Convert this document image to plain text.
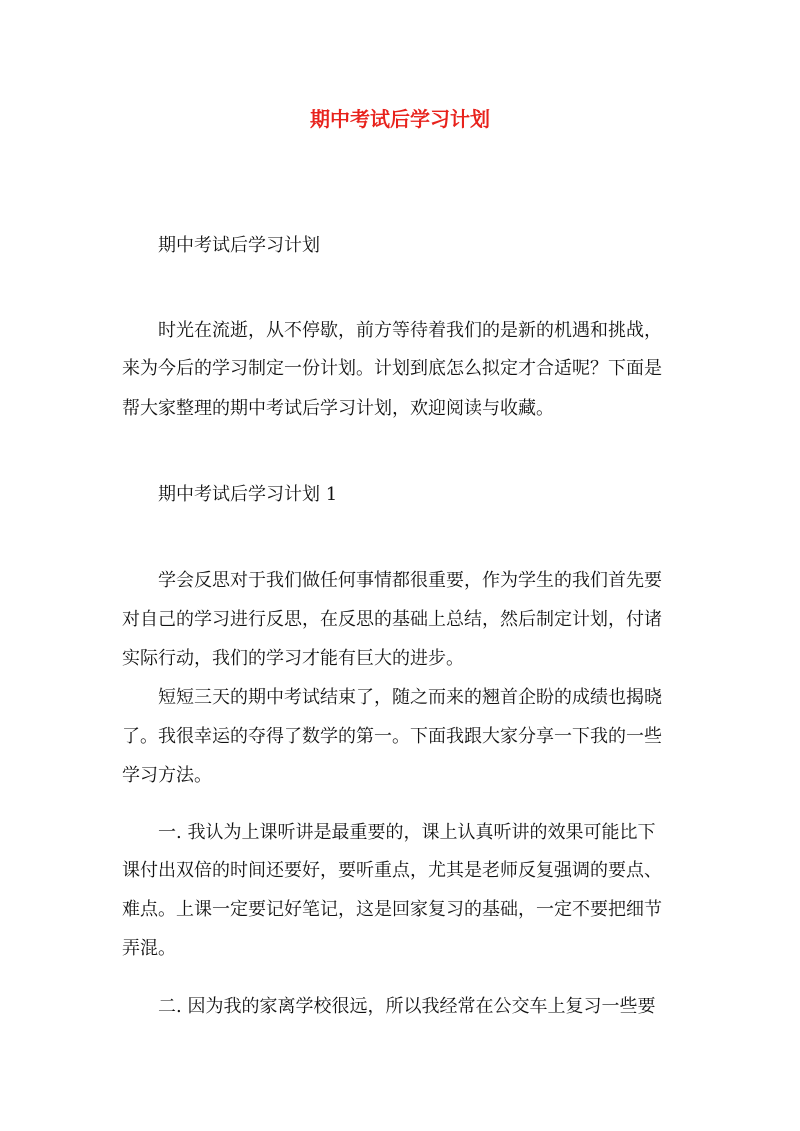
期中考试后学习计划

期中考试后学习计划

时光在流逝，从不停歇，前方等待着我们的是新的机遇和挑战，

来为今后的学习制定一份计划。计划到底怎么拟定才合适呢？下面是

帮大家整理的期中考试后学习计划，欢迎阅读与收藏。

期中考试后学习计划 1

学会反思对于我们做任何事情都很重要，作为学生的我们首先要

对自己的学习进行反思，在反思的基础上总结，然后制定计划，付诸

实际行动，我们的学习才能有巨大的进步。

短短三天的期中考试结束了，随之而来的翘首企盼的成绩也揭晓

了。我很幸运的夺得了数学的第一。下面我跟大家分享一下我的一些

学习方法。

一. 我认为上课听讲是最重要的，课上认真听讲的效果可能比下

课付出双倍的时间还要好，要听重点，尤其是老师反复强调的要点、

难点。上课一定要记好笔记，这是回家复习的基础，一定不要把细节

弄混。

二. 因为我的家离学校很远，所以我经常在公交车上复习一些要
